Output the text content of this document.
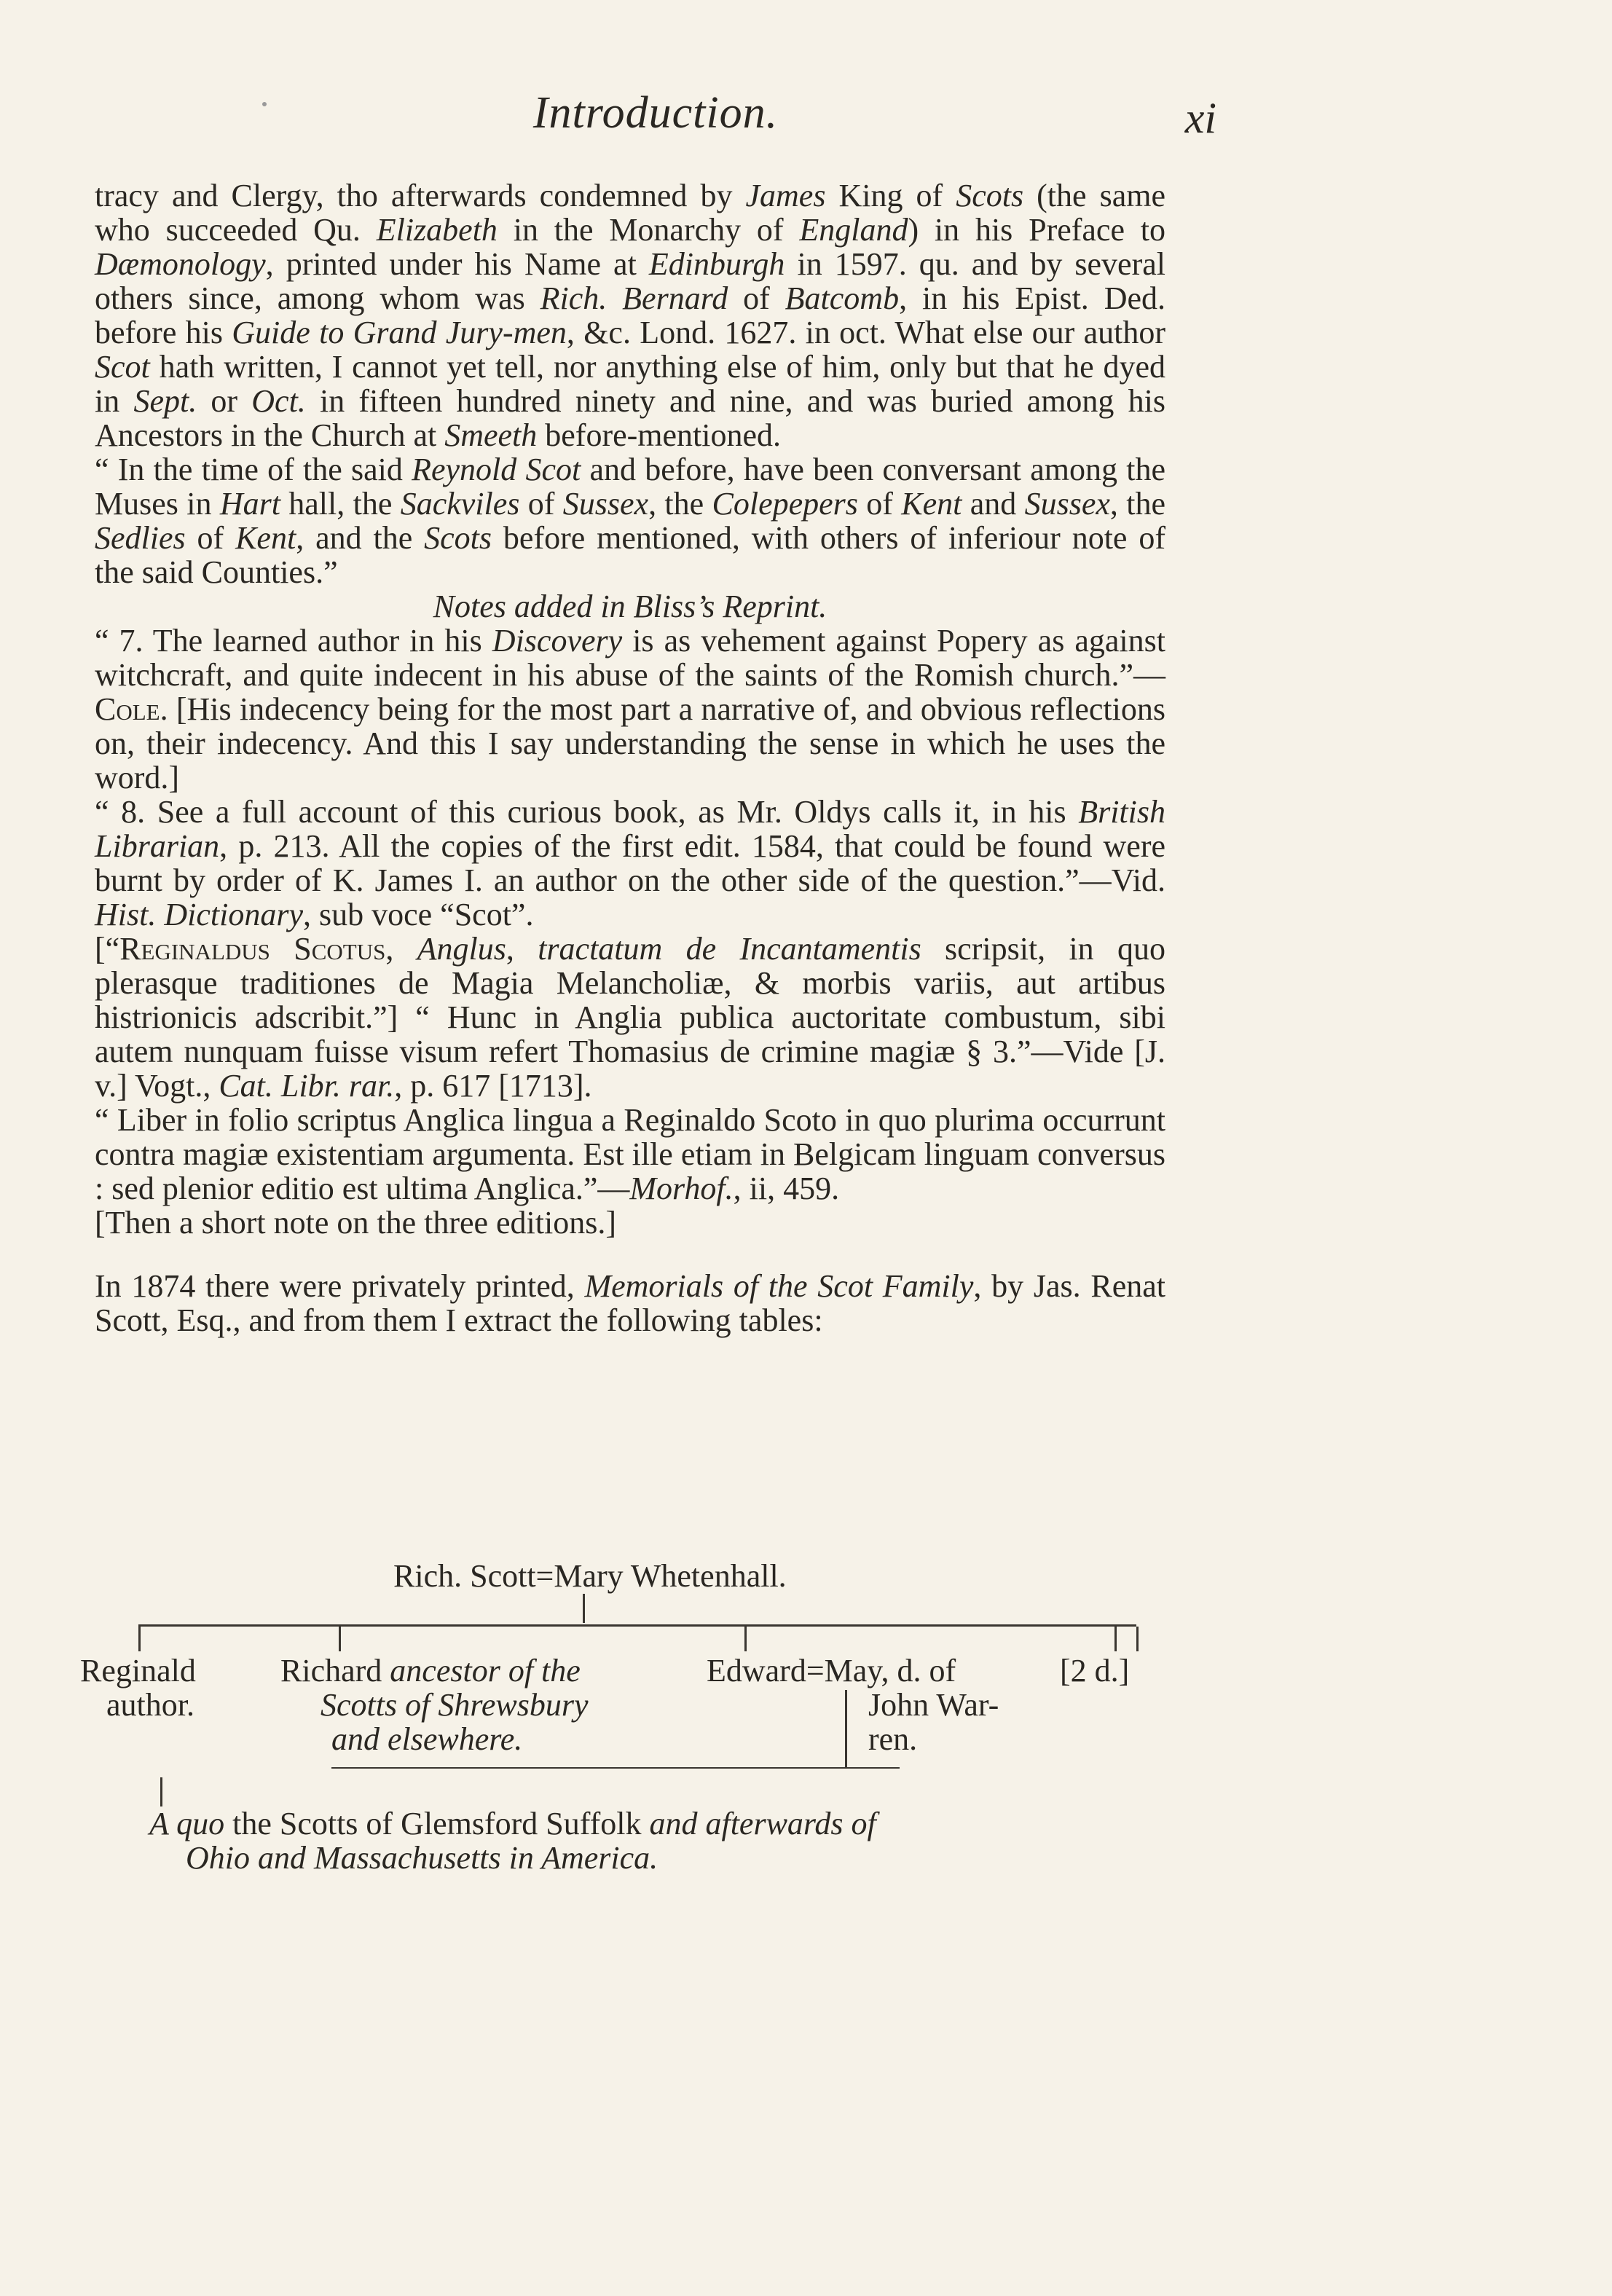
Introduction.	xi

tracy and Clergy, tho afterwards condemned by James King of Scots (the same who succeeded Qu. Elizabeth in the Monarchy of England) in his Preface to Dæmonology, printed under his Name at Edinburgh in 1597. qu. and by several others since, among whom was Rich. Bernard of Batcomb, in his Epist. Ded. before his Guide to Grand Jury-men, &c. Lond. 1627. in oct. What else our author Scot hath written, I cannot yet tell, nor anything else of him, only but that he dyed in Sept. or Oct. in fifteen hundred ninety and nine, and was buried among his Ancestors in the Church at Smeeth before-mentioned.

“ In the time of the said Reynold Scot and before, have been conversant among the Muses in Hart hall, the Sackviles of Sussex, the Colepepers of Kent and Sussex, the Sedlies of Kent, and the Scots before mentioned, with others of inferiour note of the said Counties.”

Notes added in Bliss’s Reprint.

“ 7. The learned author in his Discovery is as vehement against Popery as against witchcraft, and quite indecent in his abuse of the saints of the Romish church.”—Cole. [His indecency being for the most part a narrative of, and obvious reflections on, their indecency. And this I say understanding the sense in which he uses the word.]

“ 8. See a full account of this curious book, as Mr. Oldys calls it, in his British Librarian, p. 213. All the copies of the first edit. 1584, that could be found were burnt by order of K. James I. an author on the other side of the question.”—Vid. Hist. Dictionary, sub voce “Scot”.

[“Reginaldus Scotus, Anglus, tractatum de Incantamentis scripsit, in quo plerasque traditiones de Magia Melancholiæ, & morbis variis, aut artibus histrionicis adscribit.”] “ Hunc in Anglia publica auctoritate combustum, sibi autem nunquam fuisse visum refert Thomasius de crimine magiæ § 3.”—Vide [J. v.] Vogt., Cat. Libr. rar., p. 617 [1713].

“ Liber in folio scriptus Anglica lingua a Reginaldo Scoto in quo plurima occurrunt contra magiæ existentiam argumenta. Est ille etiam in Belgicam linguam conversus : sed plenior editio est ultima Anglica.”—Morhof., ii, 459.

[Then a short note on the three editions.]

In 1874 there were privately printed, Memorials of the Scot Family, by Jas. Renat Scott, Esq., and from them I extract the following tables:

Rich. Scott=Mary Whetenhall.
Reginald
author.
Richard ancestor of the
Scotts of Shrewsbury
and elsewhere.
Edward=May, d. of
John War-
ren.
[2 d.]
A quo the Scotts of Glemsford Suffolk and afterwards of
Ohio and Massachusetts in America.
